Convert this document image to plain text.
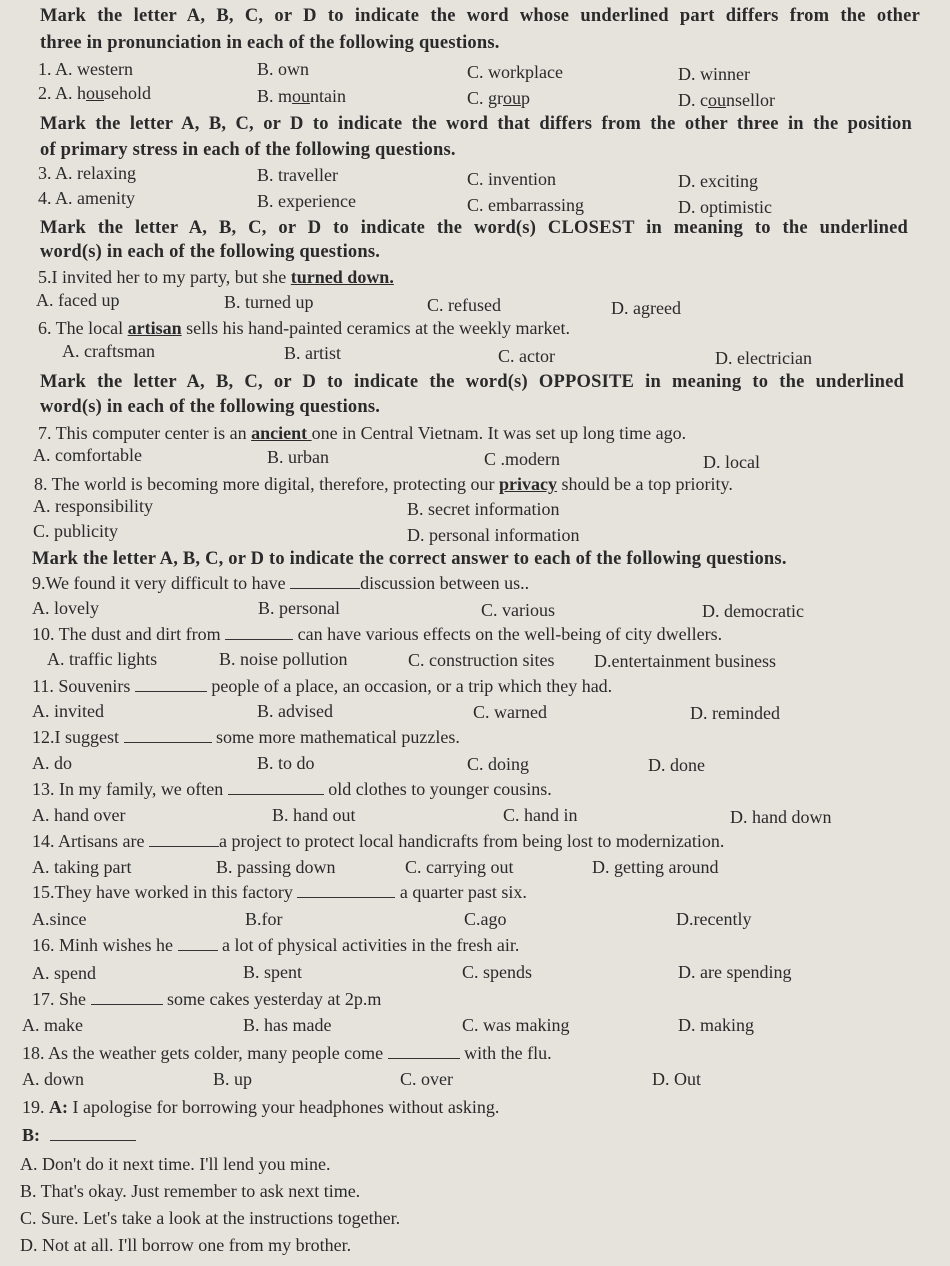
Mark the letter A, B, C, or D to indicate the word whose underlined part differs from the other
three in pronunciation in each of the following questions.
1. A. western	B. own	C. workplace	D. winner
2. A. household	B. mountain	C. group	D. counsellor
Mark the letter A, B, C, or D to indicate the word that differs from the other three in the position
of primary stress in each of the following questions.
3. A. relaxing	B. traveller	C. invention	D. exciting
4. A. amenity	B. experience	C. embarrassing	D. optimistic
Mark the letter A, B, C, or D to indicate the word(s) CLOSEST in meaning to the underlined
word(s) in each of the following questions.
5.I invited her to my party, but she turned down.
A. faced up	B. turned up	C. refused	D. agreed
6. The local artisan sells his hand-painted ceramics at the weekly market.
A. craftsman	B. artist	C. actor	D. electrician
Mark the letter A, B, C, or D to indicate the word(s) OPPOSITE in meaning to the underlined
word(s) in each of the following questions.
7. This computer center is an ancient one in Central Vietnam. It was set up long time ago.
A. comfortable	B. urban	C .modern	D. local
8. The world is becoming more digital, therefore, protecting our privacy should be a top priority.
A. responsibility	B. secret information
C. publicity	D. personal information
Mark the letter A, B, C, or D to indicate the correct answer to each of the following questions.
9.We found it very difficult to have	discussion between us..
A. lovely	B. personal	C. various	D. democratic
10. The dust and dirt from	can have various effects on the well-being of city dwellers.
A. traffic lights	B. noise pollution	C. construction sites D.entertainment business
11. Souvenirs	people of a place, an occasion, or a trip which they had.
A. invited	B. advised	C. warned	D. reminded
12.I suggest	some more mathematical puzzles.
A. do	B. to do	C. doing	D. done
13. In my family, we often	old clothes to younger cousins.
A. hand over	B. hand out	C. hand in	D. hand down
14. Artisans are	a project to protect local handicrafts from being lost to modernization.
A. taking part	B. passing down	C. carrying out	D. getting around
15.They have worked in this factory	a quarter past six.
A.since	B.for	C.ago	D.recently
16. Minh wishes he  a lot of physical activities in the fresh air.
A. spend	B. spent	C. spends	D. are spending
17. She	some cakes yesterday at 2p.m
A. make	B. has made	C. was making	D. making
18. As the weather gets colder, many people come	with the flu.
A. down	B. up	C. over	D. Out
19. A: I apologise for borrowing your headphones without asking.
B:
A. Don't do it next time. I'll lend you mine.
B. That's okay. Just remember to ask next time.
C. Sure. Let's take a look at the instructions together.
D. Not at all. I'll borrow one from my brother.
